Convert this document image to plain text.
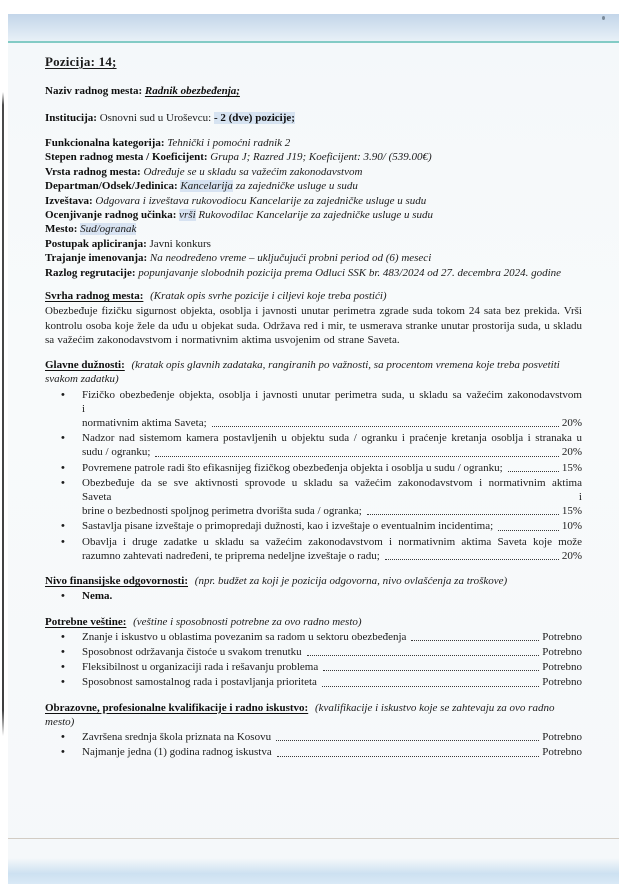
Pozicija: 14;
Naziv radnog mesta: Radnik obezbeđenja;
Institucija: Osnovni sud u Uroševcu: - 2 (dve) pozicije;
Funkcionalna kategorija: Tehnički i pomoćni radnik 2
Stepen radnog mesta / Koeficijent: Grupa J; Razred J19; Koeficijent: 3.90/ (539.00€)
Vrsta radnog mesta: Određuje se u skladu sa važećim zakonodavstvom
Departman/Odsek/Jedinica: Kancelarija za zajedničke usluge u sudu
Izveštava: Odgovara i izveštava rukovodiocu Kancelarije za zajedničke usluge u sudu
Ocenjivanje radnog učinka: vrši Rukovodilac Kancelarije za zajedničke usluge u sudu
Mesto: Sud/ogranak
Postupak apliciranja: Javni konkurs
Trajanje imenovanja: Na neodređeno vreme – uključujući probni period od (6) meseci
Razlog regrutacije: popunjavanje slobodnih pozicija prema Odluci SSK br. 483/2024 od 27. decembra 2024. godine
Svrha radnog mesta: (Kratak opis svrhe pozicije i ciljevi koje treba postići)
Obezbeđuje fizičku sigurnost objekta, osoblja i javnosti unutar perimetra zgrade suda tokom 24 sata bez prekida. Vrši kontrolu osoba koje žele da uđu u objekat suda. Održava red i mir, te usmerava stranke unutar prostorija suda, u skladu sa važećim zakonodavstvom i normativnim aktima usvojenim od strane Saveta.
Glavne dužnosti: (kratak opis glavnih zadataka, rangiranih po važnosti, sa procentom vremena koje treba posvetiti svakom zadatku)
•	Fizičko obezbeđenje objekta, osoblja i javnosti unutar perimetra suda, u skladu sa važećim zakonodavstvom i
normativnim aktima Saveta;	20%
•	Nadzor nad sistemom kamera postavljenih u objektu suda / ogranku i praćenje kretanja osoblja i stranaka u
sudu / ogranku;	20%
•	Povremene patrole radi što efikasnijeg fizičkog obezbeđenja objekta i osoblja u sudu / ogranku;	15%
•	Obezbeđuje da se sve aktivnosti sprovode u skladu sa važećim zakonodavstvom i normativnim aktima Saveta i
brine o bezbednosti spoljnog perimetra dvorišta suda / ogranka;	15%
•	Sastavlja pisane izveštaje o primopredaji dužnosti, kao i izveštaje o eventualnim incidentima;	10%
•	Obavlja i druge zadatke u skladu sa važećim zakonodavstvom i normativnim aktima Saveta koje može
razumno zahtevati nadređeni, te priprema nedeljne izveštaje o radu;	20%
Nivo finansijske odgovornosti: (npr. budžet za koji je pozicija odgovorna, nivo ovlašćenja za troškove)
•	Nema.
Potrebne veštine: (veštine i sposobnosti potrebne za ovo radno mesto)
•	Znanje i iskustvo u oblastima povezanim sa radom u sektoru obezbeđenja	Potrebno
•	Sposobnost održavanja čistoće u svakom trenutku	Potrebno
•	Fleksibilnost u organizaciji rada i rešavanju problema	Potrebno
•	Sposobnost samostalnog rada i postavljanja prioriteta	Potrebno
Obrazovne, profesionalne kvalifikacije i radno iskustvo: (kvalifikacije i iskustvo koje se zahtevaju za ovo radno mesto)
•	Završena srednja škola priznata na Kosovu	Potrebno
•	Najmanje jedna (1) godina radnog iskustva	Potrebno
